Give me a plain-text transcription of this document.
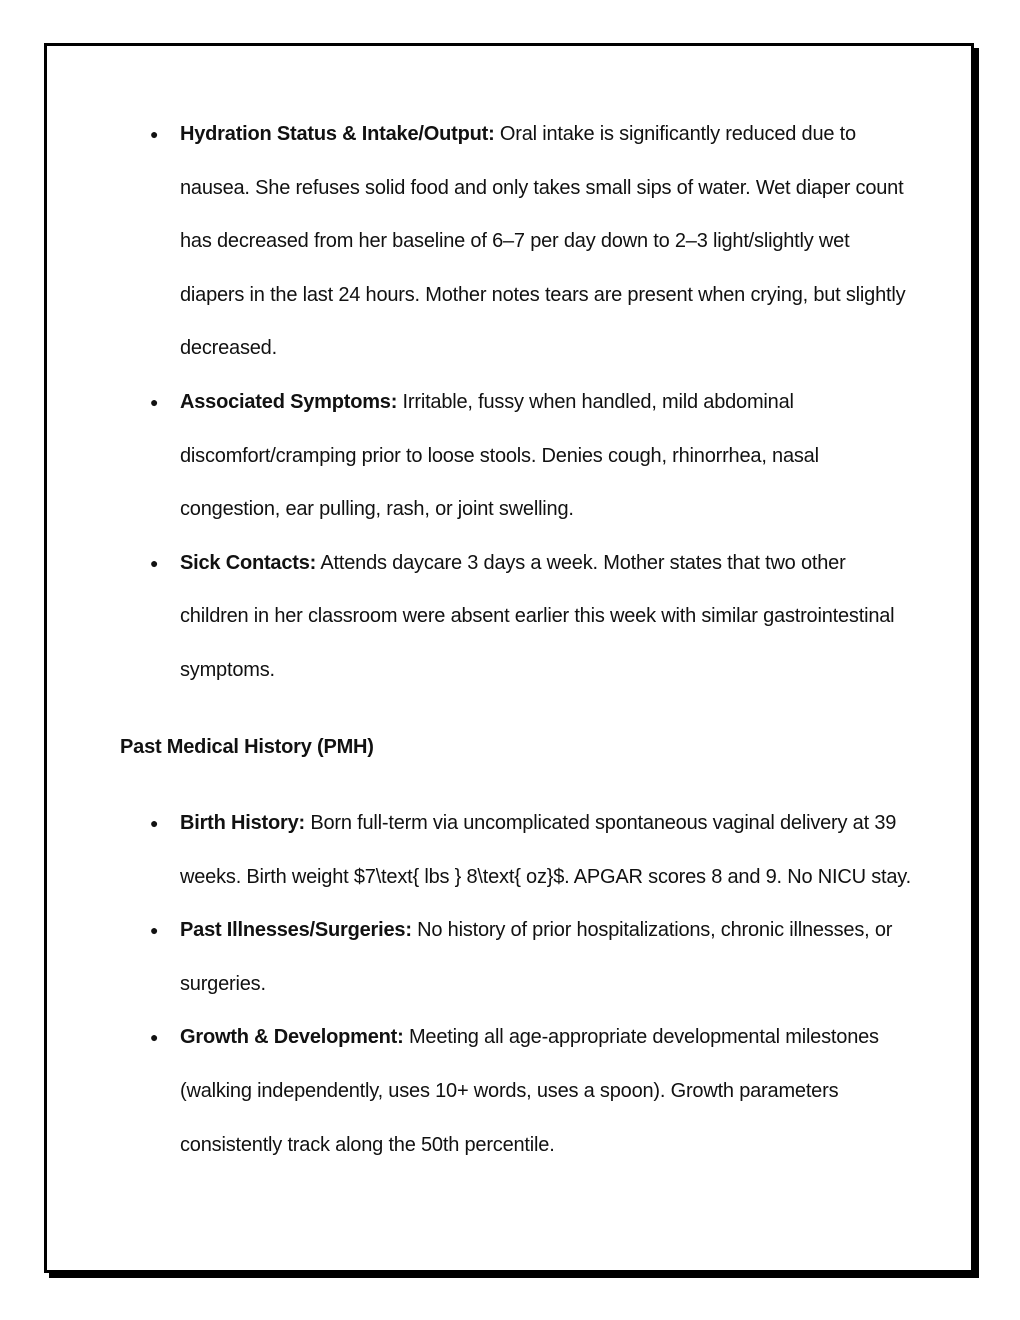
● Hydration Status & Intake/Output: Oral intake is significantly reduced due to nausea. She refuses solid food and only takes small sips of water. Wet diaper count has decreased from her baseline of 6–7 per day down to 2–3 light/slightly wet diapers in the last 24 hours. Mother notes tears are present when crying, but slightly decreased.
● Associated Symptoms: Irritable, fussy when handled, mild abdominal discomfort/cramping prior to loose stools. Denies cough, rhinorrhea, nasal congestion, ear pulling, rash, or joint swelling.
● Sick Contacts: Attends daycare 3 days a week. Mother states that two other children in her classroom were absent earlier this week with similar gastrointestinal symptoms.
Past Medical History (PMH)
● Birth History: Born full-term via uncomplicated spontaneous vaginal delivery at 39 weeks. Birth weight $7\text{ lbs } 8\text{ oz}$. APGAR scores 8 and 9. No NICU stay.
● Past Illnesses/Surgeries: No history of prior hospitalizations, chronic illnesses, or surgeries.
● Growth & Development: Meeting all age-appropriate developmental milestones (walking independently, uses 10+ words, uses a spoon). Growth parameters consistently track along the 50th percentile.
